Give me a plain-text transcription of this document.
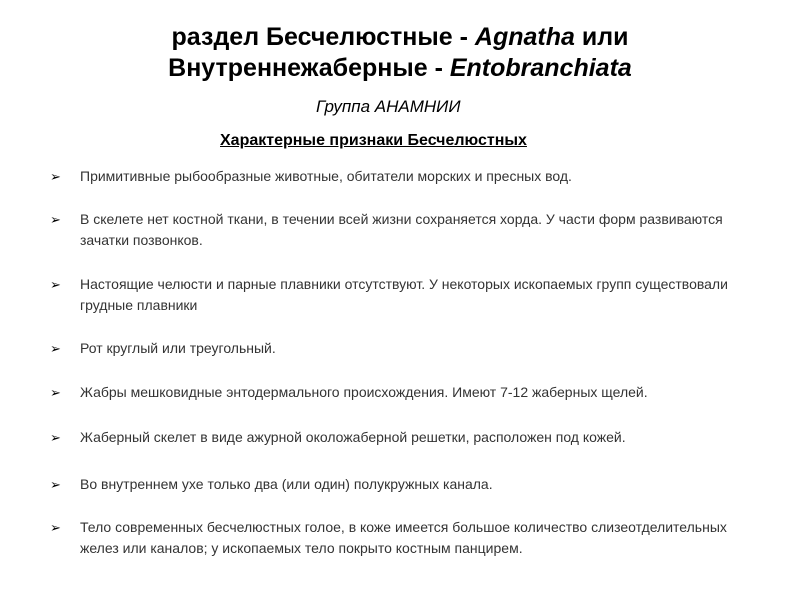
раздел Бесчелюстные - Agnatha или
Внутреннежаберные - Entobranchiata
Группа АНАМНИИ
Характерные признаки Бесчелюстных
➢ Примитивные рыбообразные животные, обитатели морских и пресных вод.
➢ В скелете нет костной ткани, в течении всей жизни сохраняется хорда. У части форм развиваются зачатки позвонков.
➢ Настоящие челюсти и парные плавники отсутствуют. У некоторых ископаемых групп существовали грудные плавники
➢ Рот круглый или треугольный.
➢ Жабры мешковидные энтодермального происхождения. Имеют 7-12 жаберных щелей.
➢ Жаберный скелет в виде ажурной околожаберной решетки, расположен под кожей.
➢ Во внутреннем ухе только два (или один) полукружных канала.
➢ Тело современных бесчелюстных голое, в коже имеется большое количество слизеотделительных желез или каналов; у ископаемых тело покрыто костным панцирем.
